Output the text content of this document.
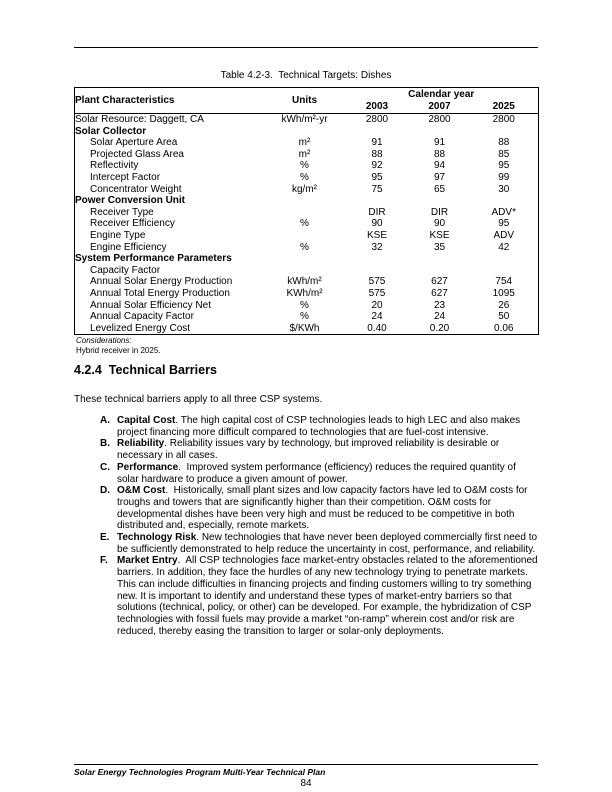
Table 4.2-3.  Technical Targets: Dishes
Plant Characteristics	Units	Calendar year		
		2003	2007	2025
Solar Resource: Daggett, CA	kWh/m²-yr	2800	2800	2800
Solar Collector				
Solar Aperture Area	m²	91	91	88
Projected Glass Area	m²	88	88	85
Reflectivity	%	92	94	95
Intercept Factor	%	95	97	99
Concentrator Weight	kg/m²	75	65	30
Power Conversion Unit				
Receiver Type		DIR	DIR	ADV*
Receiver Efficiency	%	90	90	95
Engine Type		KSE	KSE	ADV
Engine Efficiency	%	32	35	42
System Performance Parameters				
Capacity Factor				
Annual Solar Energy Production	kWh/m²	575	627	754
Annual Total Energy Production	KWh/m²	575	627	1095
Annual Solar Efficiency Net	%	20	23	26
Annual Capacity Factor	%	24	24	50
Levelized Energy Cost	$/KWh	0.40	0.20	0.06
Considerations:
Hybrid receiver in 2025.
4.2.4  Technical Barriers
These technical barriers apply to all three CSP systems.
A. Capital Cost. The high capital cost of CSP technologies leads to high LEC and also makes project financing more difficult compared to technologies that are fuel-cost intensive.
B. Reliability. Reliability issues vary by technology, but improved reliability is desirable or necessary in all cases.
C. Performance.  Improved system performance (efficiency) reduces the required quantity of solar hardware to produce a given amount of power.
D. O&M Cost.  Historically, small plant sizes and low capacity factors have led to O&M costs for troughs and towers that are significantly higher than their competition. O&M costs for developmental dishes have been very high and must be reduced to be competitive in both distributed and, especially, remote markets.
E. Technology Risk. New technologies that have never been deployed commercially first need to be sufficiently demonstrated to help reduce the uncertainty in cost, performance, and reliability.
F. Market Entry.  All CSP technologies face market-entry obstacles related to the aforementioned barriers. In addition, they face the hurdles of any new technology trying to penetrate markets. This can include difficulties in financing projects and finding customers willing to try something new. It is important to identify and understand these types of market-entry barriers so that solutions (technical, policy, or other) can be developed. For example, the hybridization of CSP technologies with fossil fuels may provide a market “on-ramp” wherein cost and/or risk are reduced, thereby easing the transition to larger or solar-only deployments.
Solar Energy Technologies Program Multi-Year Technical Plan
84
